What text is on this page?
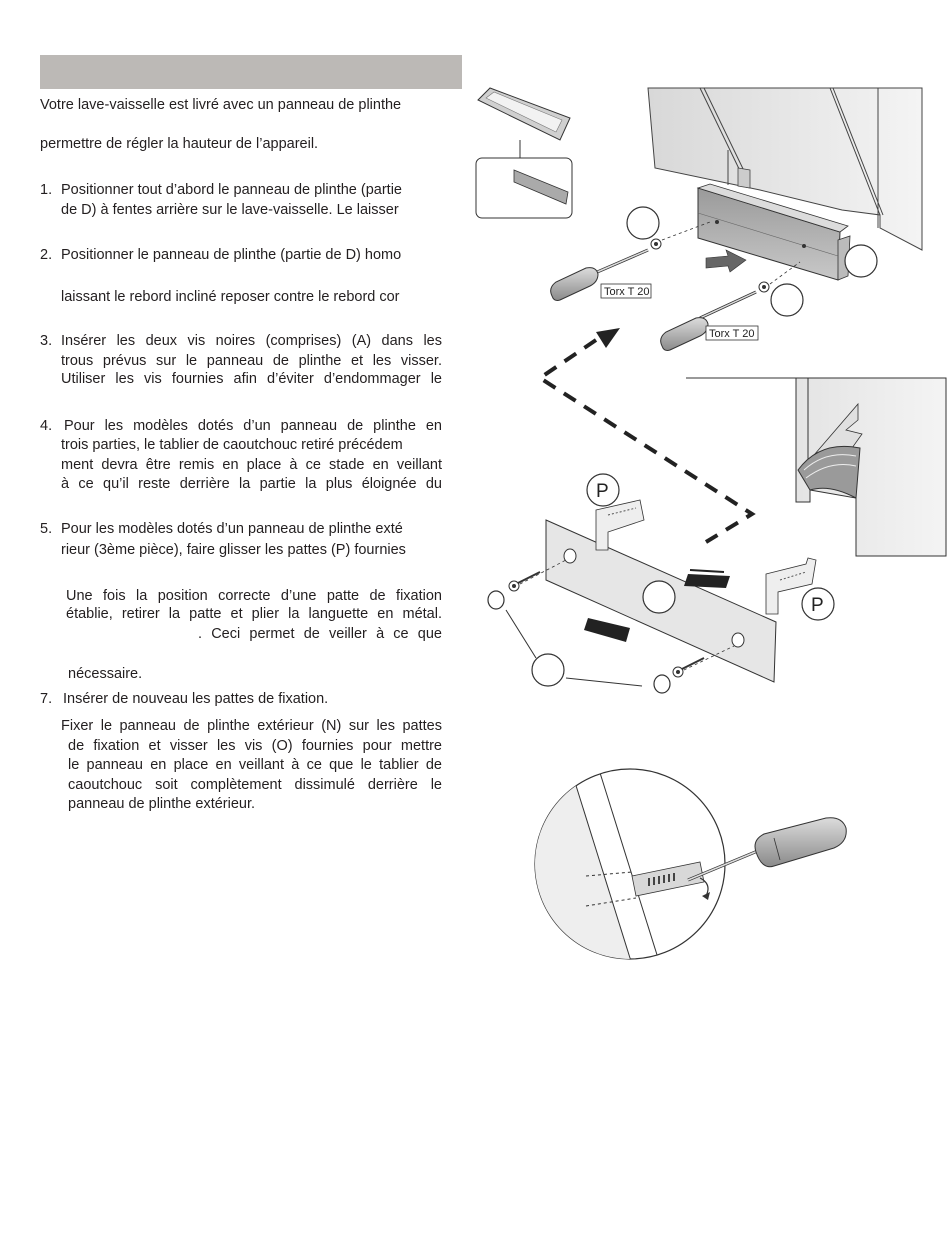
Votre lave-vaisselle est livré avec un panneau de plinthe
permettre de régler la hauteur de l’appareil.
1. Positionner tout d’abord le panneau de plinthe (partie
de D) à fentes arrière sur le lave-vaisselle. Le laisser
2. Positionner le panneau de plinthe (partie de D) homo
laissant le rebord incliné reposer contre le rebord cor
3. Insérer les deux vis noires (comprises) (A) dans les
trous prévus sur le panneau de plinthe et les visser.
Utiliser les vis fournies afin d’éviter d’endommager le
4. Pour les modèles dotés d’un panneau de plinthe en
trois parties, le tablier de caoutchouc retiré précédem
ment devra être remis en place à ce stade en veillant
à ce qu’il reste derrière la partie la plus éloignée du
5. Pour les modèles dotés d’un panneau de plinthe exté
rieur (3ème pièce), faire glisser les pattes (P) fournies
Une fois la position correcte d’une patte de fixation
établie, retirer la patte et plier la languette en métal.
. Ceci permet de veiller à ce que
nécessaire.
7. Insérer de nouveau les pattes de fixation.
Fixer le panneau de plinthe extérieur (N) sur les pattes
de fixation et visser les vis (O) fournies pour mettre
le panneau en place en veillant à ce que le tablier de
caoutchouc soit complètement dissimulé derrière le
panneau de plinthe extérieur.
Torx T 20
Torx T 20
P
P
